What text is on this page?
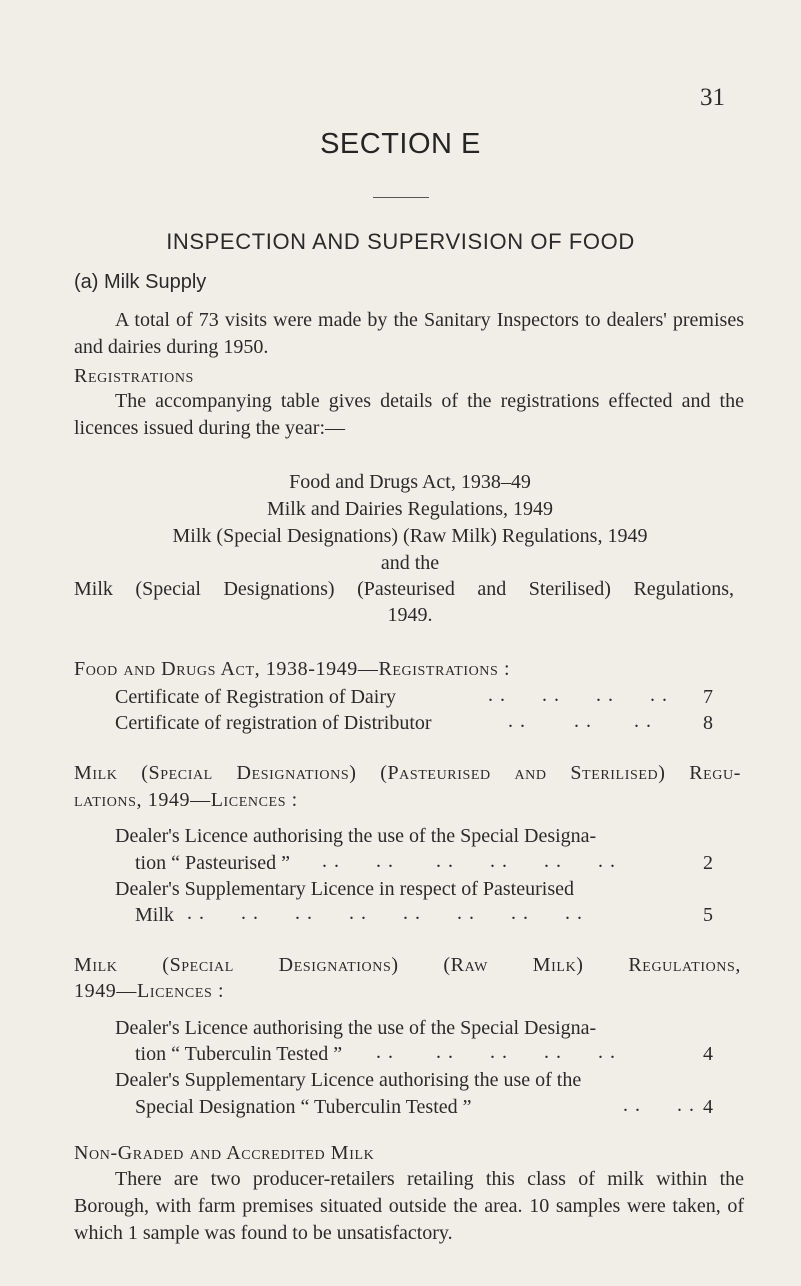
31
SECTION E
INSPECTION AND SUPERVISION OF FOOD
(a) Milk Supply
A total of 73 visits were made by the Sanitary Inspectors to dealers' premises and dairies during 1950.
Registrations
The accompanying table gives details of the registrations effected and the licences issued during the year:—
Food and Drugs Act, 1938–49
Milk and Dairies Regulations, 1949
Milk (Special Designations) (Raw Milk) Regulations, 1949
and the
Milk (Special Designations) (Pasteurised and Sterilised) Regulations,
1949.
Food and Drugs Act, 1938-1949—Registrations :
Certificate of Registration of Dairy	. .      . .      . .      . . 7
Certificate of registration of Distributor	. .        . .       . .	8
Milk (Special Designations) (Pasteurised and Sterilised) Regu-
lations, 1949—Licences :
Dealer's Licence authorising the use of the Special Designa-
tion “ Pasteurised ” . .      . .       . .      . .      . .      . .	2
Dealer's Supplementary Licence in respect of Pasteurised
Milk . .      . .      . .      . .      . .      . .      . .      . .	5
Milk (Special Designations) (Raw Milk) Regulations,
1949—Licences :
Dealer's Licence authorising the use of the Special Designa-
tion “ Tuberculin Tested ” . .       . .      . .      . .      . .	4
Dealer's Supplementary Licence authorising the use of the
Special Designation “ Tuberculin Tested ”	. .      . . 4
Non-Graded and Accredited Milk
There are two producer-retailers retailing this class of milk within the Borough, with farm premises situated outside the area. 10 samples were taken, of which 1 sample was found to be unsatisfactory.
